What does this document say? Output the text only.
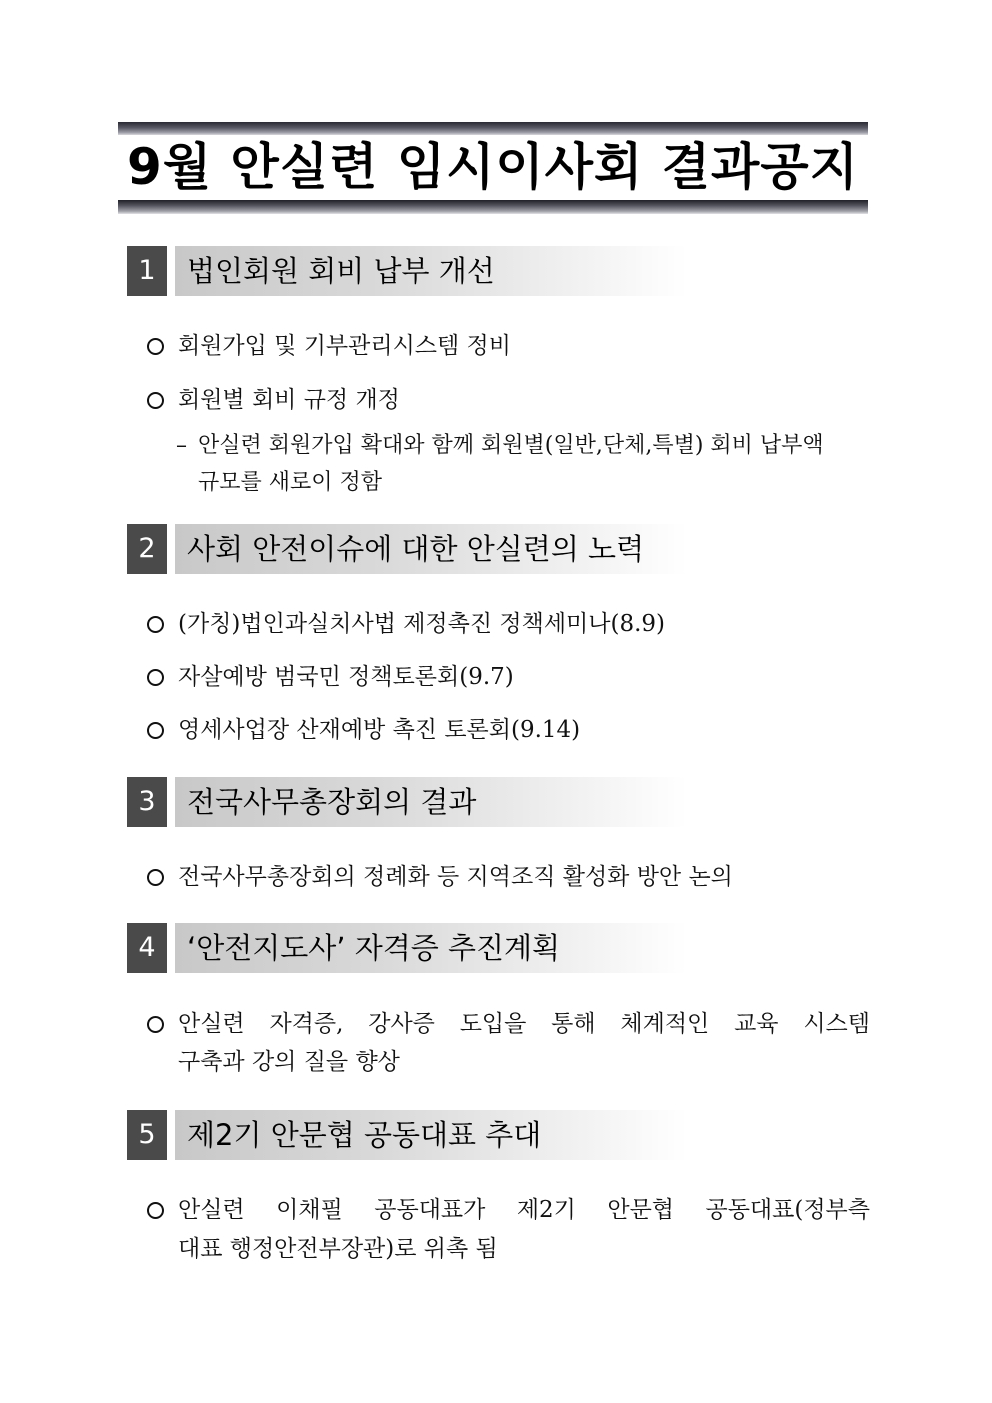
9월 안실련 임시이사회 결과공지
1	법인회원 회비 납부 개선
회원가입 및 기부관리시스템 정비
회원별 회비 규정 개정
– 안실련 회원가입 확대와 함께 회원별(일반,단체,특별) 회비 납부액
규모를 새로이 정함
2	사회 안전이슈에 대한 안실련의 노력
(가칭)법인과실치사법 제정촉진 정책세미나(8.9)
자살예방 범국민 정책토론회(9.7)
영세사업장 산재예방 촉진 토론회(9.14)
3	전국사무총장회의 결과
전국사무총장회의 정례화 등 지역조직 활성화 방안 논의
4	‘안전지도사’ 자격증 추진계획
안실련 자격증, 강사증 도입을 통해 체계적인 교육 시스템
구축과 강의 질을 향상
5	제2기 안문협 공동대표 추대
안실련 이채필 공동대표가 제2기 안문협 공동대표(정부측
대표 행정안전부장관)로 위촉 됨
